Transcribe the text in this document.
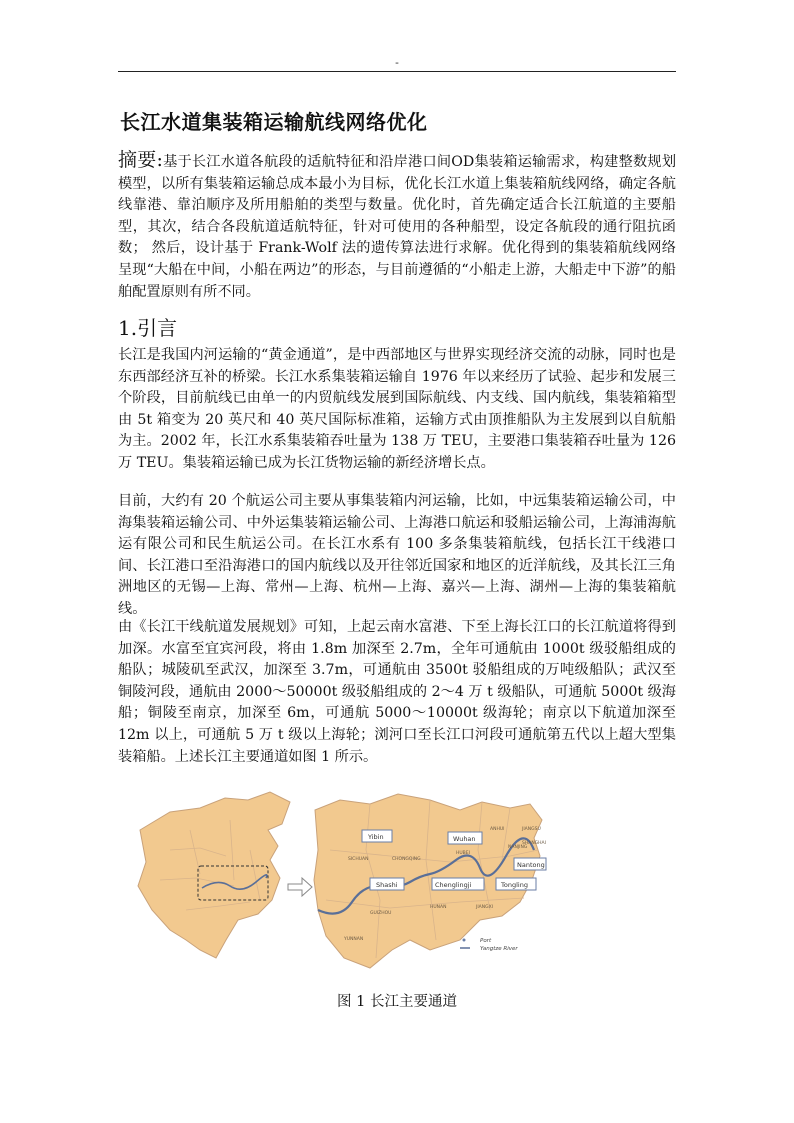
-
长江水道集装箱运输航线网络优化
摘要:基于长江水道各航段的适航特征和沿岸港口间OD集装箱运输需求，构建整数规划模型，以所有集装箱运输总成本最小为目标，优化长江水道上集装箱航线网络，确定各航线靠港、靠泊顺序及所用船舶的类型与数量。优化时，首先确定适合长江航道的主要船型，其次，结合各段航道适航特征，针对可使用的各种船型，设定各航段的通行阻抗函数； 然后，设计基于 Frank-Wolf 法的遗传算法进行求解。优化得到的集装箱航线网络呈现“大船在中间，小船在两边”的形态，与目前遵循的“小船走上游，大船走中下游”的船舶配置原则有所不同。
1.引言
长江是我国内河运输的“黄金通道”，是中西部地区与世界实现经济交流的动脉，同时也是东西部经济互补的桥梁。长江水系集装箱运输自 1976 年以来经历了试验、起步和发展三个阶段，目前航线已由单一的内贸航线发展到国际航线、内支线、国内航线，集装箱箱型由 5t 箱变为 20 英尺和 40 英尺国际标准箱，运输方式由顶推船队为主发展到以自航船为主。2002 年，长江水系集装箱吞吐量为 138 万 TEU，主要港口集装箱吞吐量为 126 万 TEU。集装箱运输已成为长江货物运输的新经济增长点。
目前，大约有 20 个航运公司主要从事集装箱内河运输，比如，中远集装箱运输公司，中海集装箱运输公司、中外运集装箱运输公司、上海港口航运和驳船运输公司，上海浦海航运有限公司和民生航运公司。在长江水系有 100 多条集装箱航线，包括长江干线港口间、长江港口至沿海港口的国内航线以及开往邻近国家和地区的近洋航线，及其长江三角洲地区的无锡—上海、常州—上海、杭州—上海、嘉兴—上海、湖州—上海的集装箱航线。
由《长江干线航道发展规划》可知，上起云南水富港、下至上海长江口的长江航道将得到加深。水富至宜宾河段，将由 1.8m 加深至 2.7m，全年可通航由 1000t 级驳船组成的船队；城陵矶至武汉，加深至 3.7m，可通航由 3500t 驳船组成的万吨级船队；武汉至铜陵河段，通航由 2000～50000t 级驳船组成的 2～4 万 t 级船队，可通航 5000t 级海船；铜陵至南京，加深至 6m，可通航 5000～10000t 级海轮；南京以下航道加深至 12m 以上，可通航 5 万 t 级以上海轮；浏河口至长江口河段可通航第五代以上超大型集装箱船。上述长江主要通道如图 1 所示。
Yibin	Wuhan
Nantong
Shashi	Chenglingji	Tongling
SICHUAN	CHONGQING
HUBEI
ANHUI	JIANGSU
HUNAN	JIANGXI
GUIZHOU
YUNNAN
NANJING
SHANGHAI
Port
Yangtze River
图 1 长江主要通道
